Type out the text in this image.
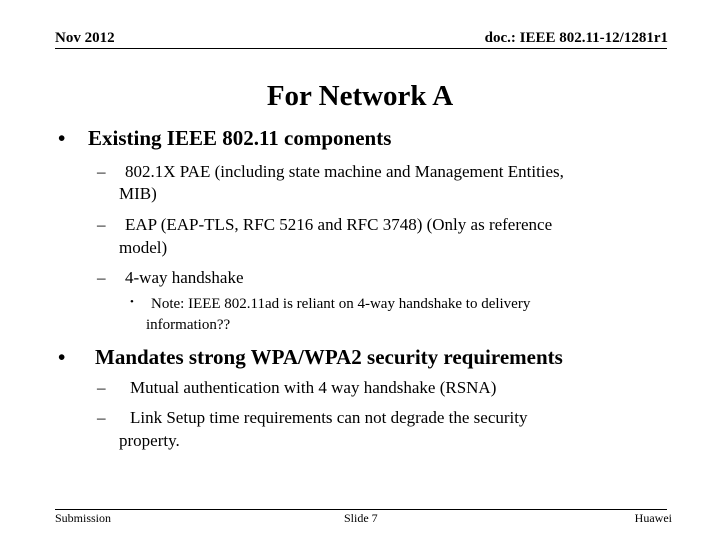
Nov 2012	doc.: IEEE 802.11-12/1281r1
For Network A
• Existing IEEE 802.11 components
– 802.1X PAE (including state machine and Management Entities,
MIB)
– EAP (EAP-TLS, RFC 5216 and RFC 3748) (Only as reference
model)
– 4-way handshake
• Note: IEEE 802.11ad is reliant on 4-way handshake to delivery
information??
• Mandates strong WPA/WPA2 security requirements
– Mutual authentication with 4 way handshake (RSNA)
– Link Setup time requirements can not degrade the security
property.
Submission	Slide 7	Huawei
